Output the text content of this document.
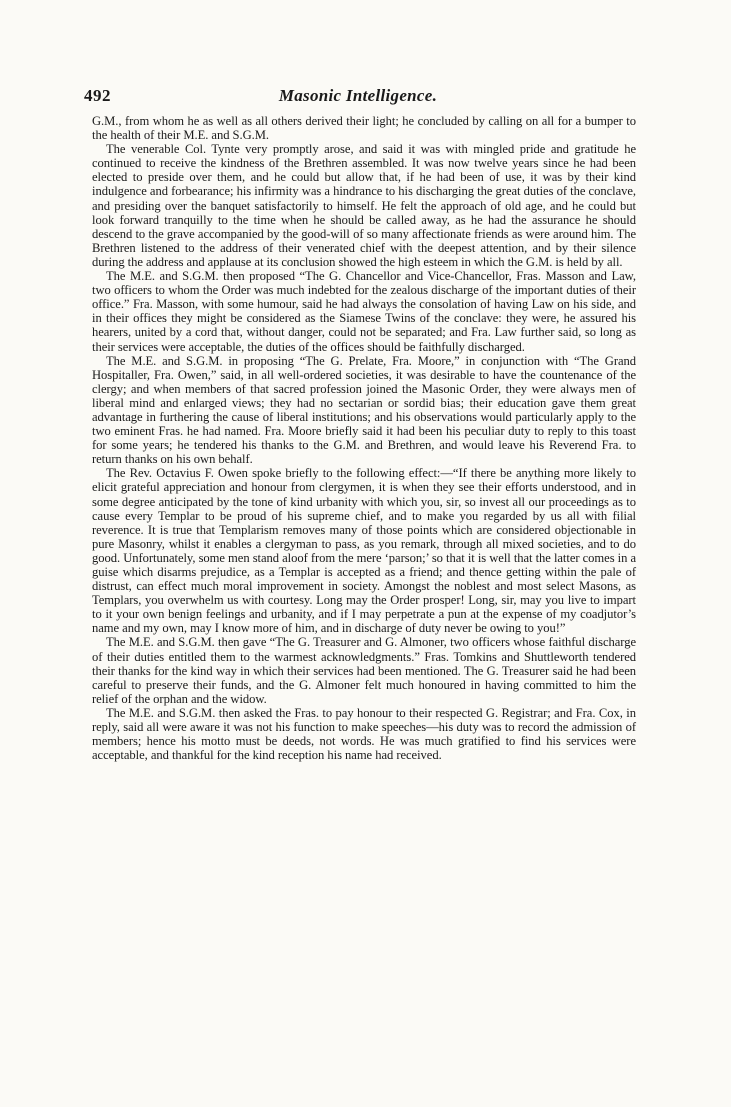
492	Masonic Intelligence.

G.M., from whom he as well as all others derived their light; he concluded by calling on all for a bumper to the health of their M.E. and S.G.M.

The venerable Col. Tynte very promptly arose, and said it was with mingled pride and gratitude he continued to receive the kindness of the Brethren assembled. It was now twelve years since he had been elected to preside over them, and he could but allow that, if he had been of use, it was by their kind indulgence and forbearance; his infirmity was a hindrance to his discharging the great duties of the conclave, and presiding over the banquet satisfactorily to himself. He felt the approach of old age, and he could but look forward tranquilly to the time when he should be called away, as he had the assurance he should descend to the grave accompanied by the good-will of so many affectionate friends as were around him. The Brethren listened to the address of their venerated chief with the deepest attention, and by their silence during the address and applause at its conclusion showed the high esteem in which the G.M. is held by all.

The M.E. and S.G.M. then proposed “The G. Chancellor and Vice-Chancellor, Fras. Masson and Law, two officers to whom the Order was much indebted for the zealous discharge of the important duties of their office.” Fra. Masson, with some humour, said he had always the consolation of having Law on his side, and in their offices they might be considered as the Siamese Twins of the conclave: they were, he assured his hearers, united by a cord that, without danger, could not be separated; and Fra. Law further said, so long as their services were acceptable, the duties of the offices should be faithfully discharged.

The M.E. and S.G.M. in proposing “The G. Prelate, Fra. Moore,” in conjunction with “The Grand Hospitaller, Fra. Owen,” said, in all well-ordered societies, it was desirable to have the countenance of the clergy; and when members of that sacred profession joined the Masonic Order, they were always men of liberal mind and enlarged views; they had no sectarian or sordid bias; their education gave them great advantage in furthering the cause of liberal institutions; and his observations would particularly apply to the two eminent Fras. he had named. Fra. Moore briefly said it had been his peculiar duty to reply to this toast for some years; he tendered his thanks to the G.M. and Brethren, and would leave his Reverend Fra. to return thanks on his own behalf.

The Rev. Octavius F. Owen spoke briefly to the following effect:—“If there be anything more likely to elicit grateful appreciation and honour from clergymen, it is when they see their efforts understood, and in some degree anticipated by the tone of kind urbanity with which you, sir, so invest all our proceedings as to cause every Templar to be proud of his supreme chief, and to make you regarded by us all with filial reverence. It is true that Templarism removes many of those points which are considered objectionable in pure Masonry, whilst it enables a clergyman to pass, as you remark, through all mixed societies, and to do good. Unfortunately, some men stand aloof from the mere ‘parson;’ so that it is well that the latter comes in a guise which disarms prejudice, as a Templar is accepted as a friend; and thence getting within the pale of distrust, can effect much moral improvement in society. Amongst the noblest and most select Masons, as Templars, you overwhelm us with courtesy. Long may the Order prosper! Long, sir, may you live to impart to it your own benign feelings and urbanity, and if I may perpetrate a pun at the expense of my coadjutor’s name and my own, may I know more of him, and in discharge of duty never be owing to you!”

The M.E. and S.G.M. then gave “The G. Treasurer and G. Almoner, two officers whose faithful discharge of their duties entitled them to the warmest acknowledgments.” Fras. Tomkins and Shuttleworth tendered their thanks for the kind way in which their services had been mentioned. The G. Treasurer said he had been careful to preserve their funds, and the G. Almoner felt much honoured in having committed to him the relief of the orphan and the widow.

The M.E. and S.G.M. then asked the Fras. to pay honour to their respected G. Registrar; and Fra. Cox, in reply, said all were aware it was not his function to make speeches—his duty was to record the admission of members; hence his motto must be deeds, not words. He was much gratified to find his services were acceptable, and thankful for the kind reception his name had received.
